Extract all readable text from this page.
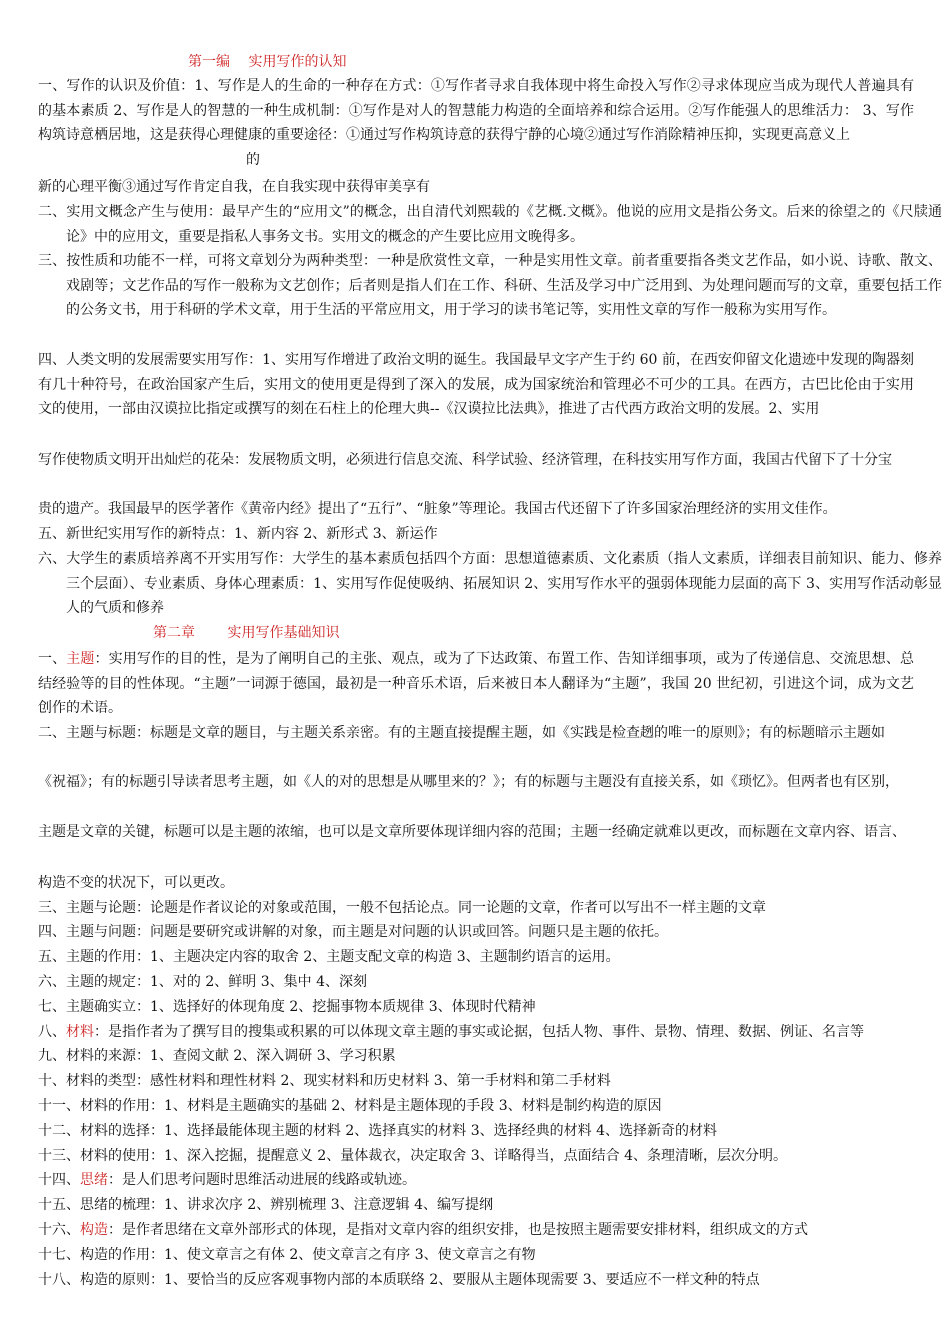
第一编　 实用写作的认知

一、写作的认识及价值：1、写作是人的生命的一种存在方式：①写作者寻求自我体现中将生命投入写作②寻求体现应当成为现代人普遍具有的基本素质 2、写作是人的智慧的一种生成机制：①写作是对人的智慧能力构造的全面培养和综合运用。②写作能强人的思维活力： 3、写作构筑诗意栖居地，这是获得心理健康的重要途径：①通过写作构筑诗意的获得宁静的心境②通过写作消除精神压抑，实现更高意义上

的

新的心理平衡③通过写作肯定自我，在自我实现中获得审美享有

二、实用文概念产生与使用：最早产生的“应用文”的概念，出自清代刘熙载的《艺概.文概》。他说的应用文是指公务文。后来的徐望之的《尺牍通论》中的应用文，重要是指私人事务文书。实用文的概念的产生要比应用文晚得多。

三、按性质和功能不一样，可将文章划分为两种类型：一种是欣赏性文章，一种是实用性文章。前者重要指各类文艺作品，如小说、诗歌、散文、戏剧等；文艺作品的写作一般称为文艺创作；后者则是指人们在工作、科研、生活及学习中广泛用到、为处理问题而写的文章，重要包括工作的公务文书，用于科研的学术文章，用于生活的平常应用文，用于学习的读书笔记等，实用性文章的写作一般称为实用写作。

四、人类文明的发展需要实用写作：1、实用写作增进了政治文明的诞生。我国最早文字产生于约 60 前，在西安仰留文化遗迹中发现的陶器刻有几十种符号，在政治国家产生后，实用文的使用更是得到了深入的发展，成为国家统治和管理必不可少的工具。在西方，古巴比伦由于实用文的使用，一部由汉谟拉比指定或撰写的刻在石柱上的伦理大典--《汉谟拉比法典》，推进了古代西方政治文明的发展。2、实用

写作使物质文明开出灿烂的花朵：发展物质文明，必须进行信息交流、科学试验、经济管理，在科技实用写作方面，我国古代留下了十分宝

贵的遗产。我国最早的医学著作《黄帝内经》提出了“五行”、“脏象”等理论。我国古代还留下了许多国家治理经济的实用文佳作。

五、新世纪实用写作的新特点：1、新内容 2、新形式 3、新运作

六、大学生的素质培养离不开实用写作：大学生的基本素质包括四个方面：思想道德素质、文化素质（指人文素质，详细表目前知识、能力、修养三个层面）、专业素质、身体心理素质：1、实用写作促使吸纳、拓展知识 2、实用写作水平的强弱体现能力层面的高下 3、实用写作活动彰显人的气质和修养

第二章　　 实用写作基础知识

一、主题：实用写作的目的性，是为了阐明自己的主张、观点，或为了下达政策、布置工作、告知详细事项，或为了传递信息、交流思想、总结经验等的目的性体现。“主题”一词源于德国，最初是一种音乐术语，后来被日本人翻译为“主题”，我国 20 世纪初，引进这个词，成为文艺创作的术语。

二、主题与标题：标题是文章的题目，与主题关系亲密。有的主题直接提醒主题，如《实践是检查趔的唯一的原则》；有的标题暗示主题如

《祝福》；有的标题引导读者思考主题，如《人的对的思想是从哪里来的？》；有的标题与主题没有直接关系，如《琐忆》。但两者也有区别，

主题是文章的关键，标题可以是主题的浓缩，也可以是文章所要体现详细内容的范围；主题一经确定就难以更改，而标题在文章内容、语言、

构造不变的状况下，可以更改。

三、主题与论题：论题是作者议论的对象或范围，一般不包括论点。同一论题的文章，作者可以写出不一样主题的文章

四、主题与问题：问题是要研究或讲解的对象，而主题是对问题的认识或回答。问题只是主题的依托。

五、主题的作用：1、主题决定内容的取舍 2、主题支配文章的构造 3、主题制约语言的运用。

六、主题的规定：1、对的 2、鲜明 3、集中 4、深刻

七、主题确实立：1、选择好的体现角度 2、挖掘事物本质规律 3、体现时代精神

八、材料：是指作者为了撰写目的搜集或积累的可以体现文章主题的事实或论据，包括人物、事件、景物、情理、数据、例证、名言等

九、材料的来源：1、查阅文献 2、深入调研 3、学习积累

十、材料的类型：感性材料和理性材料 2、现实材料和历史材料 3、第一手材料和第二手材料

十一、材料的作用：1、材料是主题确实的基础 2、材料是主题体现的手段 3、材料是制约构造的原因

十二、材料的选择：1、选择最能体现主题的材料 2、选择真实的材料 3、选择经典的材料 4、选择新奇的材料

十三、材料的使用：1、深入挖掘，提醒意义 2、量体裁衣，决定取舍 3、详略得当，点面结合 4、条理清晰，层次分明。

十四、思绪：是人们思考问题时思维活动进展的线路或轨迹。

十五、思绪的梳理：1、讲求次序 2、辨别梳理 3、注意逻辑 4、编写提纲

十六、构造：是作者思绪在文章外部形式的体现，是指对文章内容的组织安排，也是按照主题需要安排材料，组织成文的方式

十七、构造的作用：1、使文章言之有体 2、使文章言之有序 3、使文章言之有物

十八、构造的原则：1、要恰当的反应客观事物内部的本质联络 2、要服从主题体现需要 3、要适应不一样文种的特点
